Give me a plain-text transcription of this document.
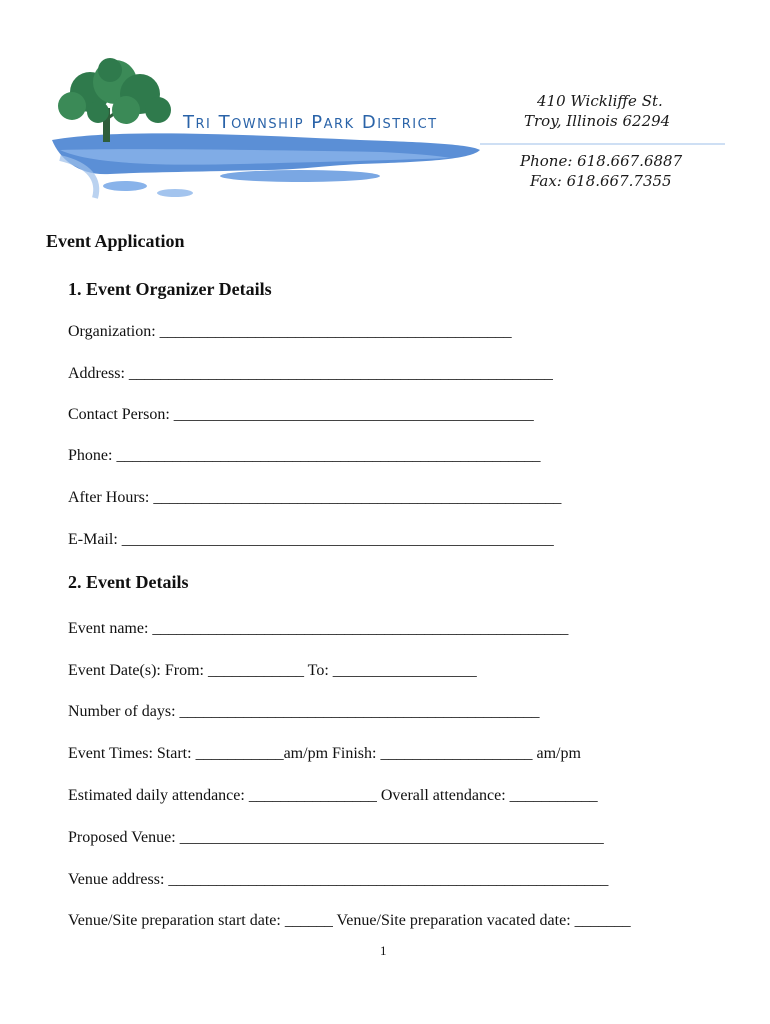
Tri Township Park District
410 Wickliffe St.
Troy, Illinois 62294
Phone: 618.667.6887
Fax: 618.667.7355
Event Application
1. Event Organizer Details
Organization: ____________________________________________
Address: _____________________________________________________
Contact Person: _____________________________________________
Phone: _____________________________________________________
After Hours: ___________________________________________________
E-Mail: ______________________________________________________
2. Event Details
Event name: ____________________________________________________
Event Date(s): From: ____________ To: __________________
Number of days: _____________________________________________
Event Times: Start: ___________am/pm Finish: ___________________ am/pm
Estimated daily attendance: ________________ Overall attendance: ___________
Proposed Venue: _____________________________________________________
Venue address: _______________________________________________________
Venue/Site preparation start date: ______ Venue/Site preparation vacated date: _______
1
